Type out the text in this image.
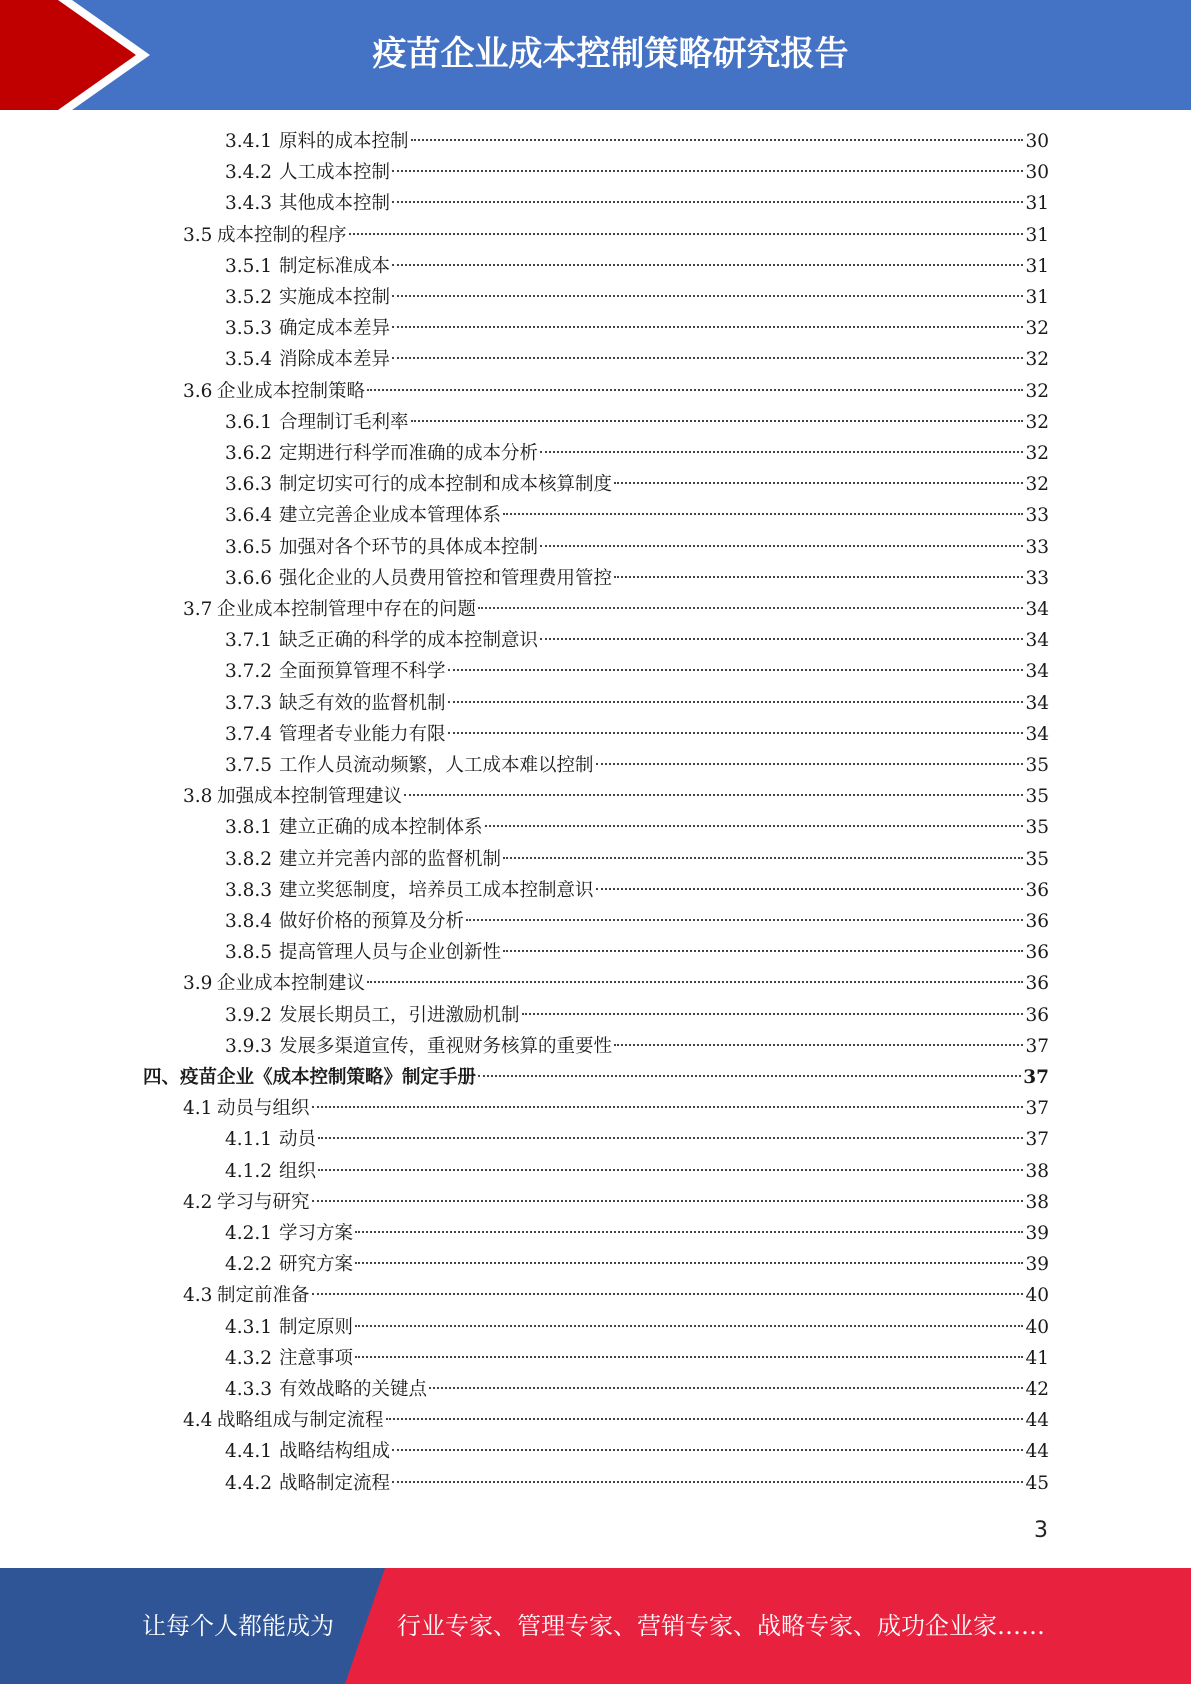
疫苗企业成本控制策略研究报告
3.4.1 原料的成本控制	30
3.4.2 人工成本控制	30
3.4.3 其他成本控制	31
3.5 成本控制的程序	31
3.5.1 制定标准成本	31
3.5.2 实施成本控制	31
3.5.3 确定成本差异	32
3.5.4 消除成本差异	32
3.6 企业成本控制策略	32
3.6.1 合理制订毛利率	32
3.6.2 定期进行科学而准确的成本分析	32
3.6.3 制定切实可行的成本控制和成本核算制度	32
3.6.4 建立完善企业成本管理体系	33
3.6.5 加强对各个环节的具体成本控制	33
3.6.6 强化企业的人员费用管控和管理费用管控	33
3.7 企业成本控制管理中存在的问题	34
3.7.1 缺乏正确的科学的成本控制意识	34
3.7.2 全面预算管理不科学	34
3.7.3 缺乏有效的监督机制	34
3.7.4 管理者专业能力有限	34
3.7.5 工作人员流动频繁，人工成本难以控制	35
3.8 加强成本控制管理建议	35
3.8.1 建立正确的成本控制体系	35
3.8.2 建立并完善内部的监督机制	35
3.8.3 建立奖惩制度，培养员工成本控制意识	36
3.8.4 做好价格的预算及分析	36
3.8.5 提高管理人员与企业创新性	36
3.9 企业成本控制建议	36
3.9.2 发展长期员工，引进激励机制	36
3.9.3 发展多渠道宣传，重视财务核算的重要性	37
四、疫苗企业《成本控制策略》制定手册	37
4.1 动员与组织	37
4.1.1 动员	37
4.1.2 组织	38
4.2 学习与研究	38
4.2.1 学习方案	39
4.2.2 研究方案	39
4.3 制定前准备	40
4.3.1 制定原则	40
4.3.2 注意事项	41
4.3.3 有效战略的关键点	42
4.4 战略组成与制定流程	44
4.4.1 战略结构组成	44
4.4.2 战略制定流程	45
3
让每个人都能成为	行业专家、管理专家、营销专家、战略专家、成功企业家……
